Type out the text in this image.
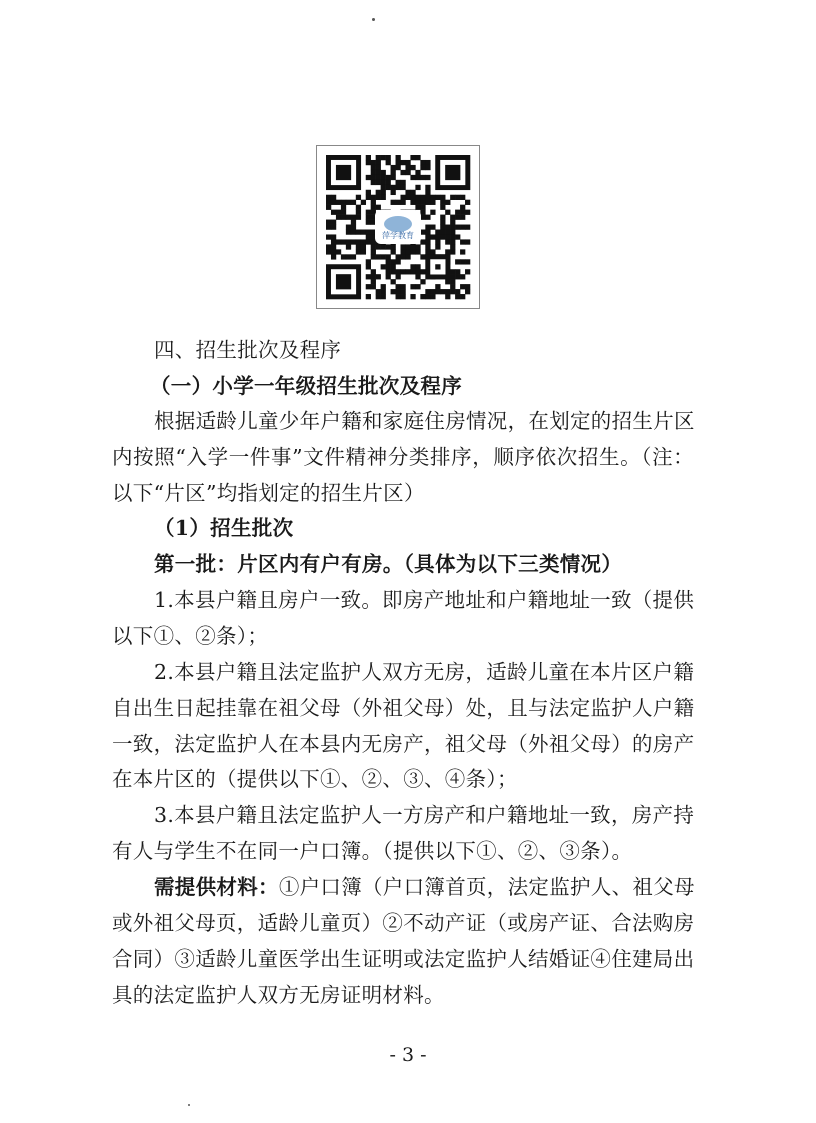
萍学教育
四、招生批次及程序
（一）小学一年级招生批次及程序
根据适龄儿童少年户籍和家庭住房情况，在划定的招生片区
内按照“入学一件事”文件精神分类排序，顺序依次招生。（注：
以下“片区”均指划定的招生片区）
（1）招生批次
第一批：片区内有户有房。（具体为以下三类情况）
1.本县户籍且房户一致。即房产地址和户籍地址一致（提供
以下①、②条）；
2.本县户籍且法定监护人双方无房，适龄儿童在本片区户籍
自出生日起挂靠在祖父母（外祖父母）处，且与法定监护人户籍
一致，法定监护人在本县内无房产，祖父母（外祖父母）的房产
在本片区的（提供以下①、②、③、④条）；
3.本县户籍且法定监护人一方房产和户籍地址一致，房产持
有人与学生不在同一户口簿。（提供以下①、②、③条）。
需提供材料： ①户口簿（户口簿首页，法定监护人、祖父母
或外祖父母页，适龄儿童页）②不动产证（或房产证、合法购房
合同）③适龄儿童医学出生证明或法定监护人结婚证④住建局出
具的法定监护人双方无房证明材料。
- 3 -
